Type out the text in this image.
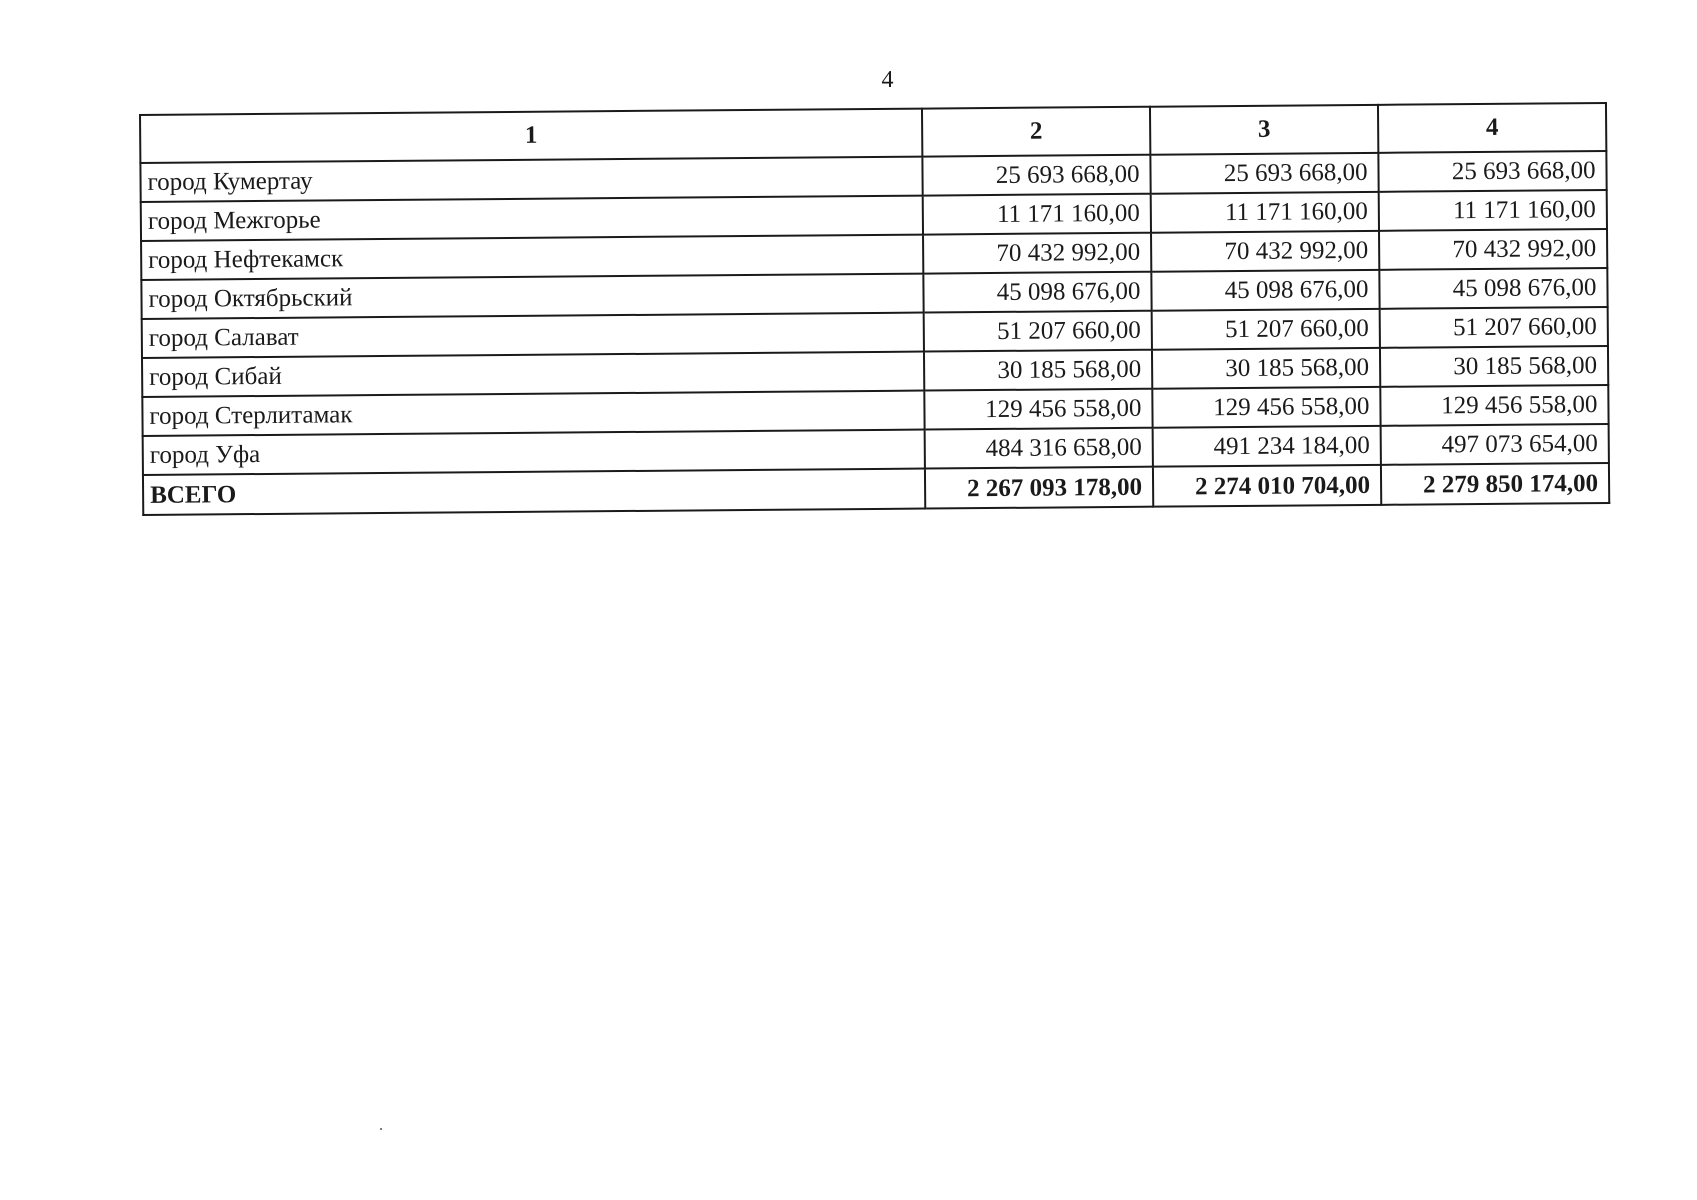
4
1	2	3	4
город Кумертау	25 693 668,00	25 693 668,00	25 693 668,00
город Межгорье	11 171 160,00	11 171 160,00	11 171 160,00
город Нефтекамск	70 432 992,00	70 432 992,00	70 432 992,00
город Октябрьский	45 098 676,00	45 098 676,00	45 098 676,00
город Салават	51 207 660,00	51 207 660,00	51 207 660,00
город Сибай	30 185 568,00	30 185 568,00	30 185 568,00
город Стерлитамак	129 456 558,00	129 456 558,00	129 456 558,00
город Уфа	484 316 658,00	491 234 184,00	497 073 654,00
ВСЕГО	2 267 093 178,00	2 274 010 704,00	2 279 850 174,00
